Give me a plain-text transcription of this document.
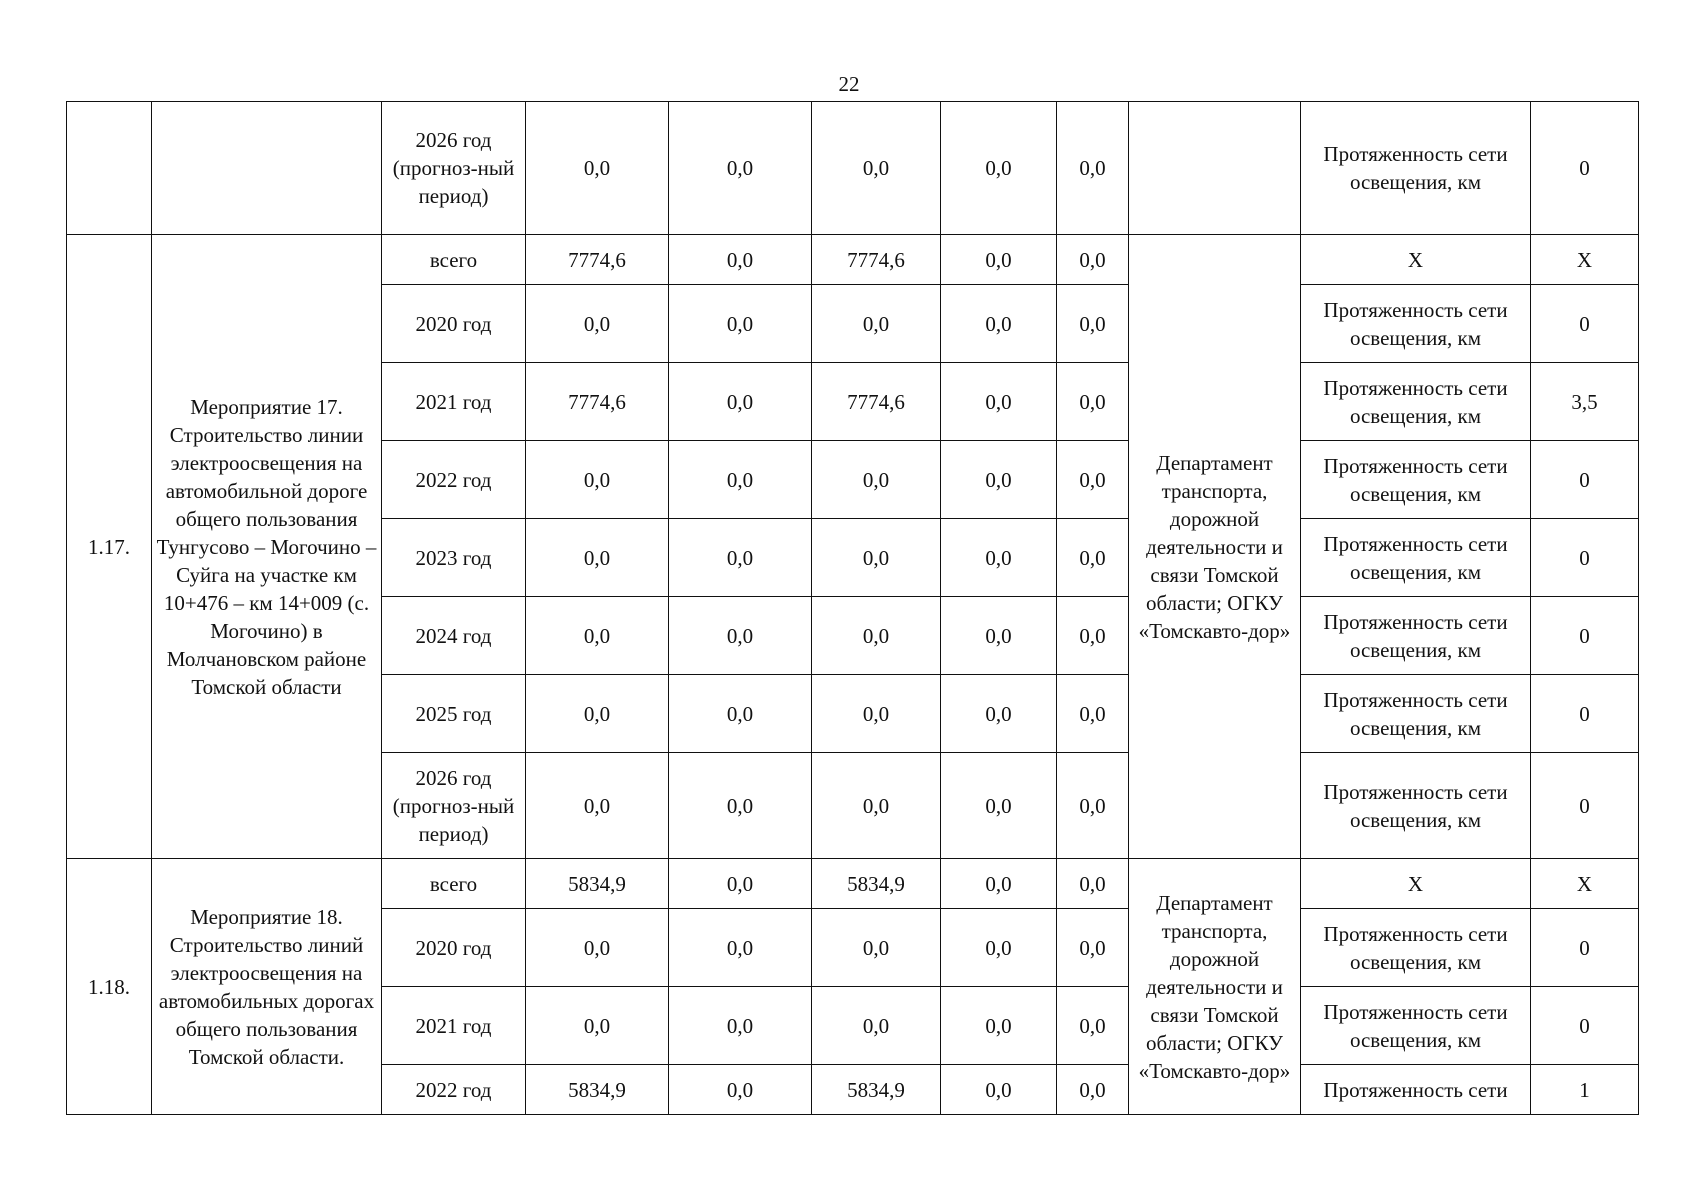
22
		2026 год (прогноз-ный период)	0,0	0,0	0,0	0,0	0,0		Протяженность сети освещения, км	0
1.17.	Мероприятие 17. Строительство линии электроосвещения на автомобильной дороге общего пользования Тунгусово – Могочино – Суйга на участке км 10+476 – км 14+009 (с. Могочино) в Молчановском районе Томской области	всего	7774,6	0,0	7774,6	0,0	0,0	Департамент транспорта, дорожной деятельности и связи Томской области; ОГКУ «Томскавто-дор»	X	X
		2020 год	0,0	0,0	0,0	0,0	0,0		Протяженность сети освещения, км	0
		2021 год	7774,6	0,0	7774,6	0,0	0,0		Протяженность сети освещения, км	3,5
		2022 год	0,0	0,0	0,0	0,0	0,0		Протяженность сети освещения, км	0
		2023 год	0,0	0,0	0,0	0,0	0,0		Протяженность сети освещения, км	0
		2024 год	0,0	0,0	0,0	0,0	0,0		Протяженность сети освещения, км	0
		2025 год	0,0	0,0	0,0	0,0	0,0		Протяженность сети освещения, км	0
		2026 год (прогноз-ный период)	0,0	0,0	0,0	0,0	0,0		Протяженность сети освещения, км	0
1.18.	Мероприятие 18. Строительство линий электроосвещения на автомобильных дорогах общего пользования Томской области.	всего	5834,9	0,0	5834,9	0,0	0,0	Департамент транспорта, дорожной деятельности и связи Томской области; ОГКУ «Томскавто-дор»	X	X
		2020 год	0,0	0,0	0,0	0,0	0,0		Протяженность сети освещения, км	0
		2021 год	0,0	0,0	0,0	0,0	0,0		Протяженность сети освещения, км	0
		2022 год	5834,9	0,0	5834,9	0,0	0,0		Протяженность сети	1
